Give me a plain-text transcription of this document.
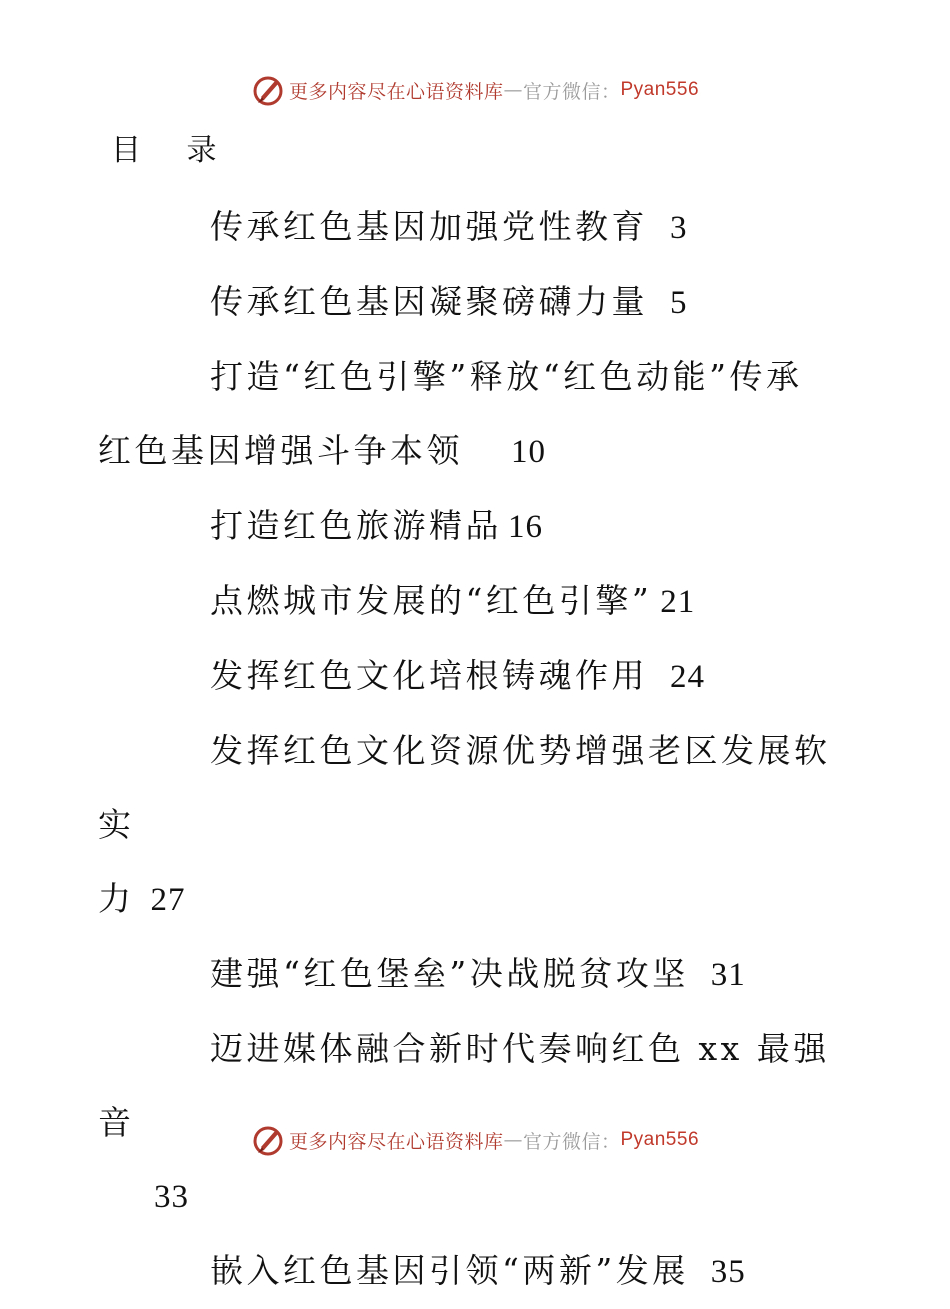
更多内容尽在心语资料库 — 官方微信： Pyan556
目 录

传承红色基因加强党性教育 3

传承红色基因凝聚磅礴力量 5

打造“红色引擎”释放“红色动能”传承
红色基因增强斗争本领 10

打造红色旅游精品 16

点燃城市发展的“红色引擎” 21

发挥红色文化培根铸魂作用 24

发挥红色文化资源优势增强老区发展软实
力 27

建强“红色堡垒”决战脱贫攻坚 31

迈进媒体融合新时代奏响红色 xx 最强音
33

嵌入红色基因引领“两新”发展 35

更多内容尽在心语资料库 — 官方微信： Pyan556
